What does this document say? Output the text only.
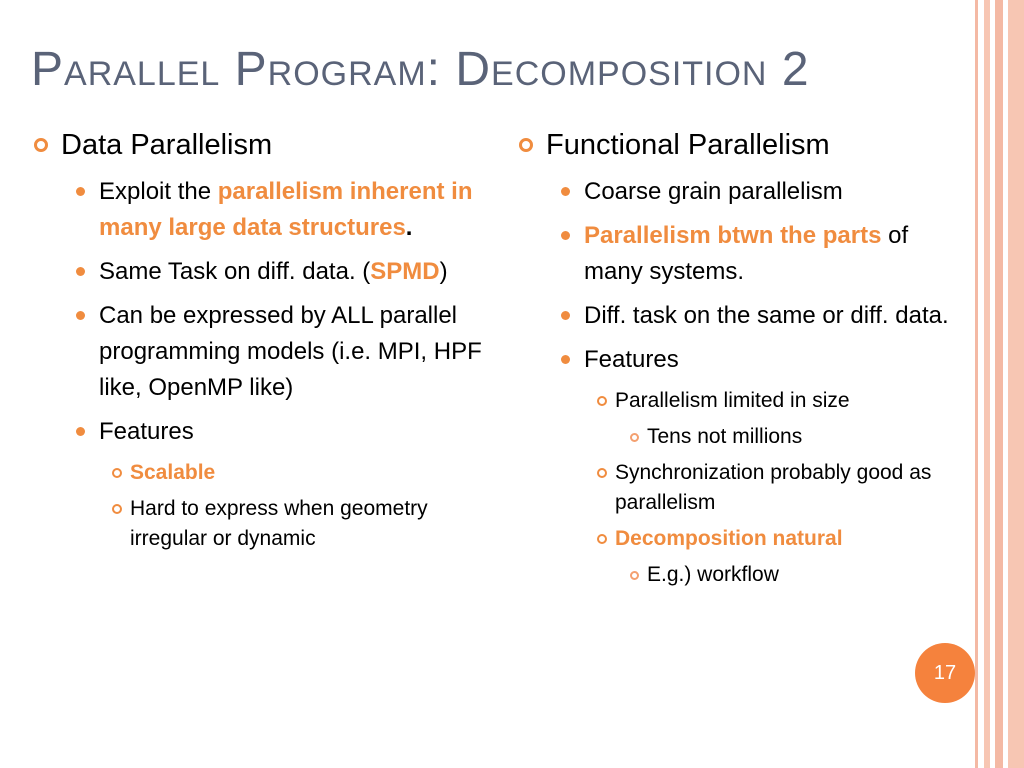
Parallel Program: Decomposition 2
Data Parallelism
Exploit the parallelism inherent in many large data structures.
Same Task on diff. data. (SPMD)
Can be expressed by ALL parallel programming models (i.e. MPI, HPF like, OpenMP like)
Features
Scalable
Hard to express when geometry irregular or dynamic
Functional Parallelism
Coarse grain parallelism
Parallelism btwn the parts of many systems.
Diff. task on the same or diff. data.
Features
Parallelism limited in size
Tens not millions
Synchronization probably good as parallelism
Decomposition natural
E.g.) workflow
17
